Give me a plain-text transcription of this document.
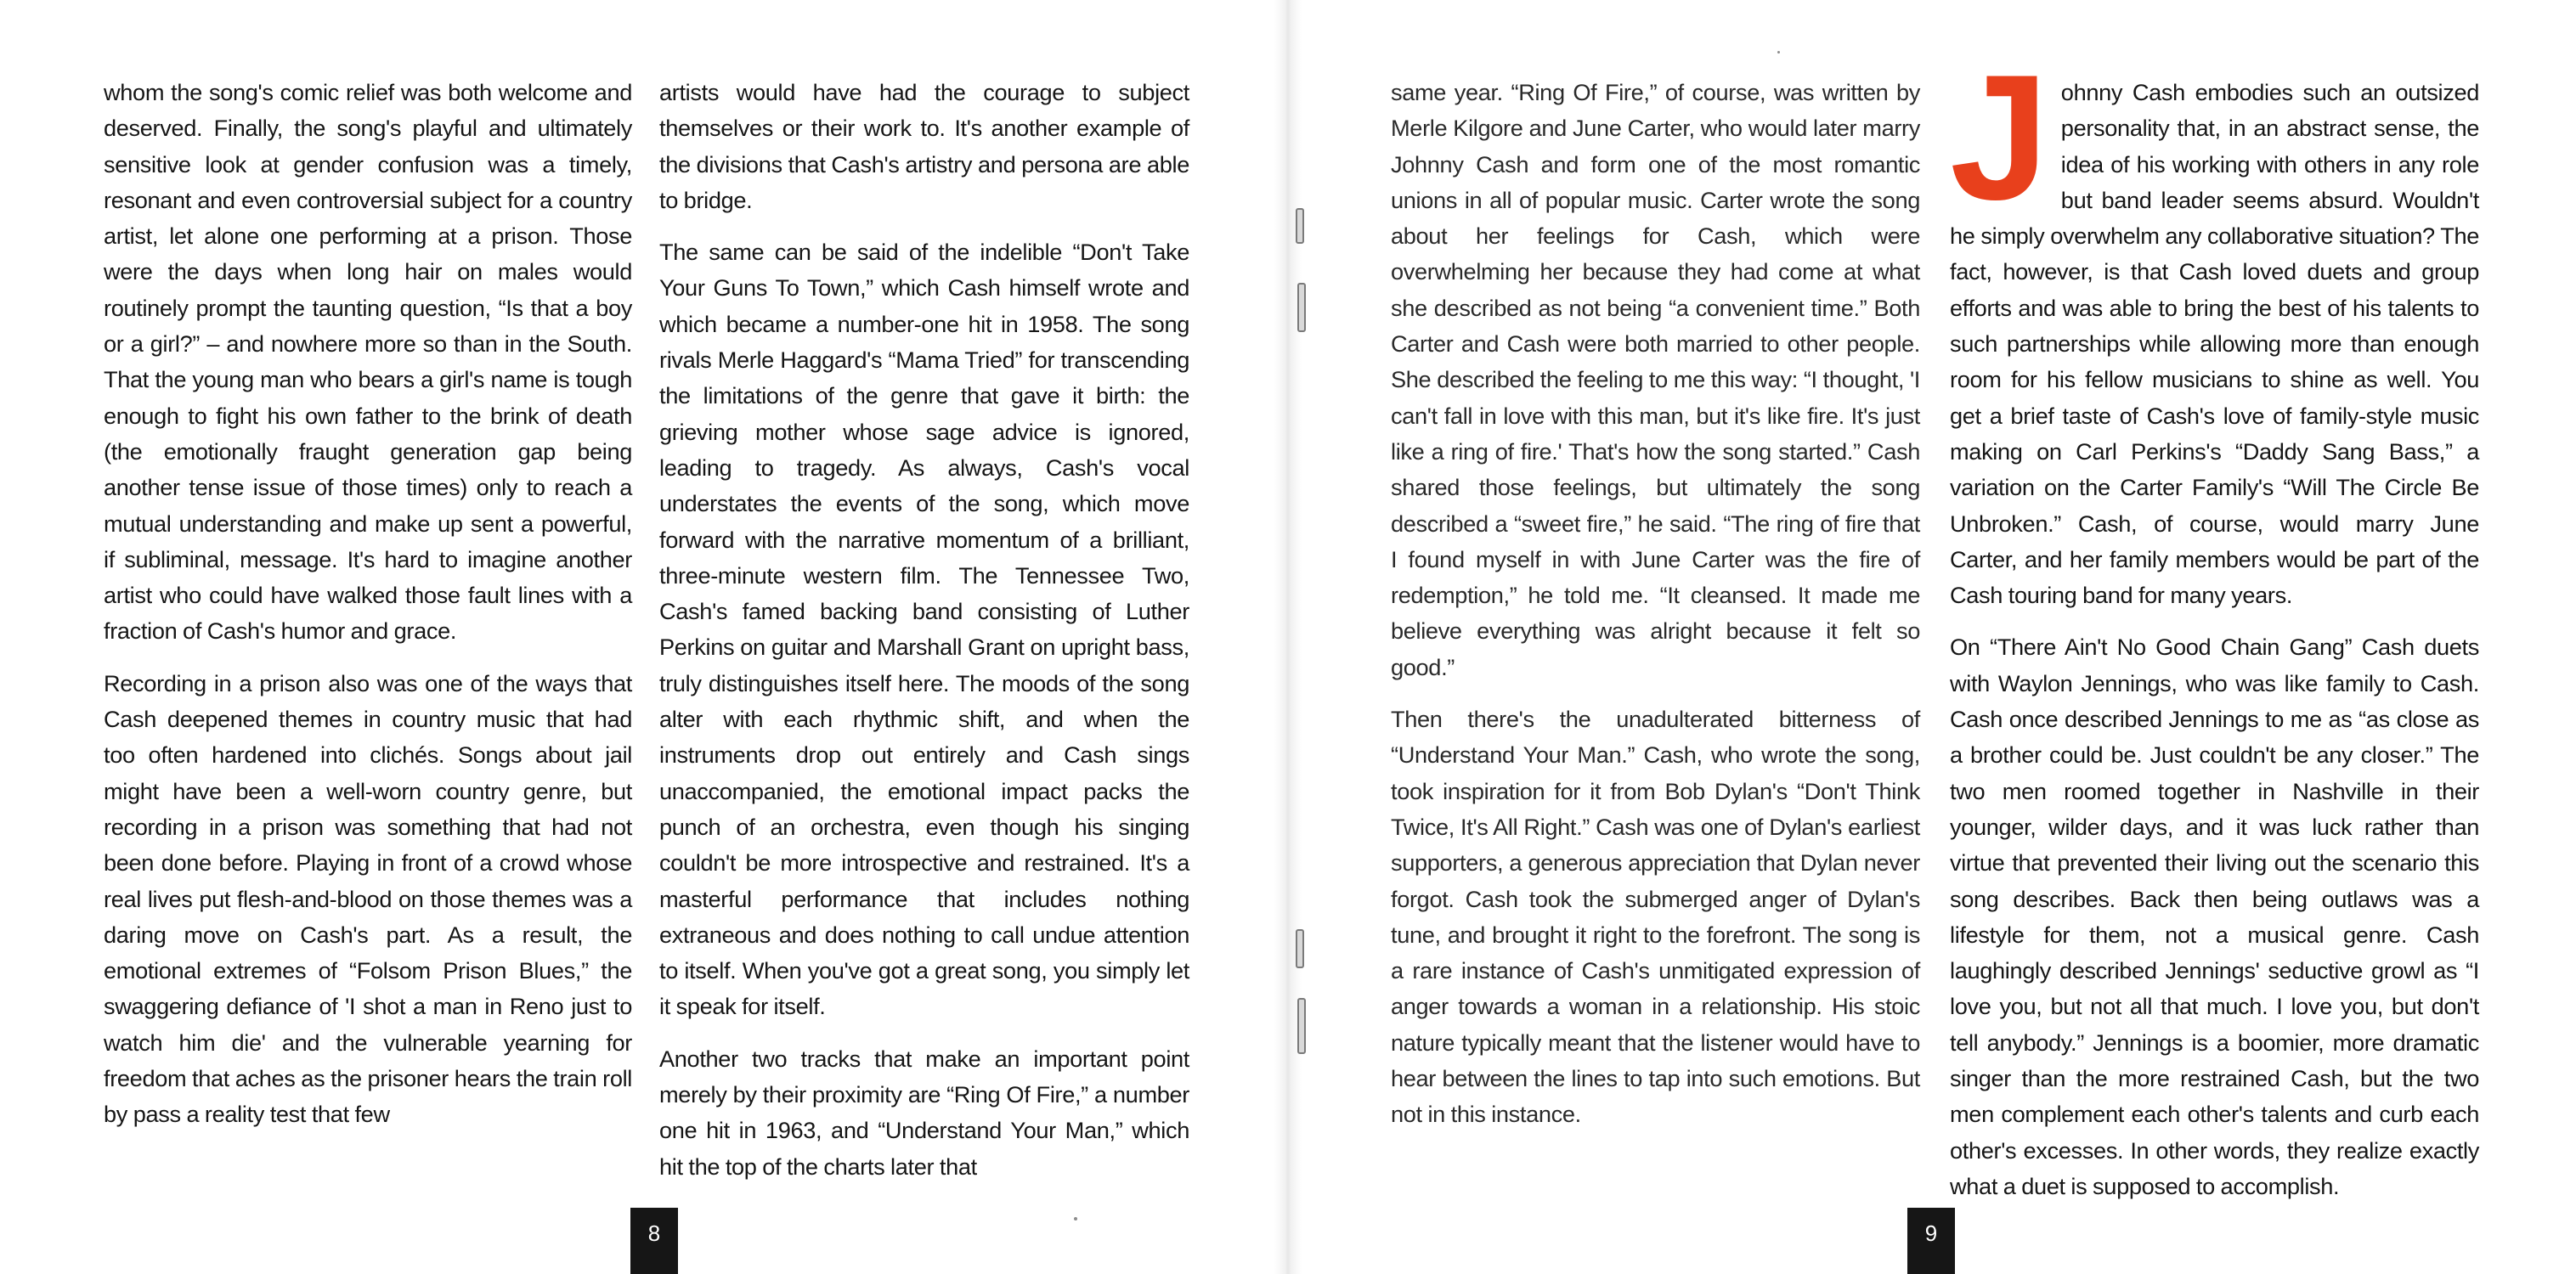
whom the song's comic relief was both welcome and deserved. Finally, the song's playful and ultimately sensitive look at gender confusion was a timely, resonant and even controversial subject for a country artist, let alone one performing at a prison. Those were the days when long hair on males would routinely prompt the taunting question, “Is that a boy or a girl?” – and nowhere more so than in the South. That the young man who bears a girl's name is tough enough to fight his own father to the brink of death (the emotionally fraught generation gap being another tense issue of those times) only to reach a mutual understanding and make up sent a powerful, if subliminal, message. It's hard to imagine another artist who could have walked those fault lines with a fraction of Cash's humor and grace.

Recording in a prison also was one of the ways that Cash deepened themes in country music that had too often hardened into clichés. Songs about jail might have been a well-worn country genre, but recording in a prison was something that had not been done before. Playing in front of a crowd whose real lives put flesh-and-blood on those themes was a daring move on Cash's part. As a result, the emotional extremes of “Folsom Prison Blues,” the swaggering defiance of 'I shot a man in Reno just to watch him die' and the vulnerable yearning for freedom that aches as the prisoner hears the train roll by pass a reality test that few

artists would have had the courage to subject themselves or their work to. It's another example of the divisions that Cash's artistry and persona are able to bridge.

The same can be said of the indelible “Don't Take Your Guns To Town,” which Cash himself wrote and which became a number-one hit in 1958. The song rivals Merle Haggard's “Mama Tried” for transcending the limitations of the genre that gave it birth: the grieving mother whose sage advice is ignored, leading to tragedy. As always, Cash's vocal understates the events of the song, which move forward with the narrative momentum of a brilliant, three-minute western film. The Tennessee Two, Cash's famed backing band consisting of Luther Perkins on guitar and Marshall Grant on upright bass, truly distinguishes itself here. The moods of the song alter with each rhythmic shift, and when the instruments drop out entirely and Cash sings unaccompanied, the emotional impact packs the punch of an orchestra, even though his singing couldn't be more introspective and restrained. It's a masterful performance that includes nothing extraneous and does nothing to call undue attention to itself. When you've got a great song, you simply let it speak for itself.

Another two tracks that make an important point merely by their proximity are “Ring Of Fire,” a number one hit in 1963, and “Understand Your Man,” which hit the top of the charts later that

8

same year. “Ring Of Fire,” of course, was written by Merle Kilgore and June Carter, who would later marry Johnny Cash and form one of the most romantic unions in all of popular music. Carter wrote the song about her feelings for Cash, which were overwhelming her because they had come at what she described as not being “a convenient time.” Both Carter and Cash were both married to other people. She described the feeling to me this way: “I thought, 'I can't fall in love with this man, but it's like fire. It's just like a ring of fire.' That's how the song started.” Cash shared those feelings, but ultimately the song described a “sweet fire,” he said. “The ring of fire that I found myself in with June Carter was the fire of redemption,” he told me. “It cleansed. It made me believe everything was alright because it felt so good.”

Then there's the unadulterated bitterness of “Understand Your Man.” Cash, who wrote the song, took inspiration for it from Bob Dylan's “Don't Think Twice, It's All Right.” Cash was one of Dylan's earliest supporters, a generous appreciation that Dylan never forgot. Cash took the submerged anger of Dylan's tune, and brought it right to the forefront. The song is a rare instance of Cash's unmitigated expression of anger towards a woman in a relationship. His stoic nature typically meant that the listener would have to hear between the lines to tap into such emotions. But not in this instance.

Johnny Cash embodies such an outsized personality that, in an abstract sense, the idea of his working with others in any role but band leader seems absurd. Wouldn't he simply overwhelm any collaborative situation? The fact, however, is that Cash loved duets and group efforts and was able to bring the best of his talents to such partnerships while allowing more than enough room for his fellow musicians to shine as well. You get a brief taste of Cash's love of family-style music making on Carl Perkins's “Daddy Sang Bass,” a variation on the Carter Family's “Will The Circle Be Unbroken.” Cash, of course, would marry June Carter, and her family members would be part of the Cash touring band for many years.

On “There Ain't No Good Chain Gang” Cash duets with Waylon Jennings, who was like family to Cash. Cash once described Jennings to me as “as close as a brother could be. Just couldn't be any closer.” The two men roomed together in Nashville in their younger, wilder days, and it was luck rather than virtue that prevented their living out the scenario this song describes. Back then being outlaws was a lifestyle for them, not a musical genre. Cash laughingly described Jennings' seductive growl as “I love you, but not all that much. I love you, but don't tell anybody.” Jennings is a boomier, more dramatic singer than the more restrained Cash, but the two men complement each other's talents and curb each other's excesses. In other words, they realize exactly what a duet is supposed to accomplish.

9
